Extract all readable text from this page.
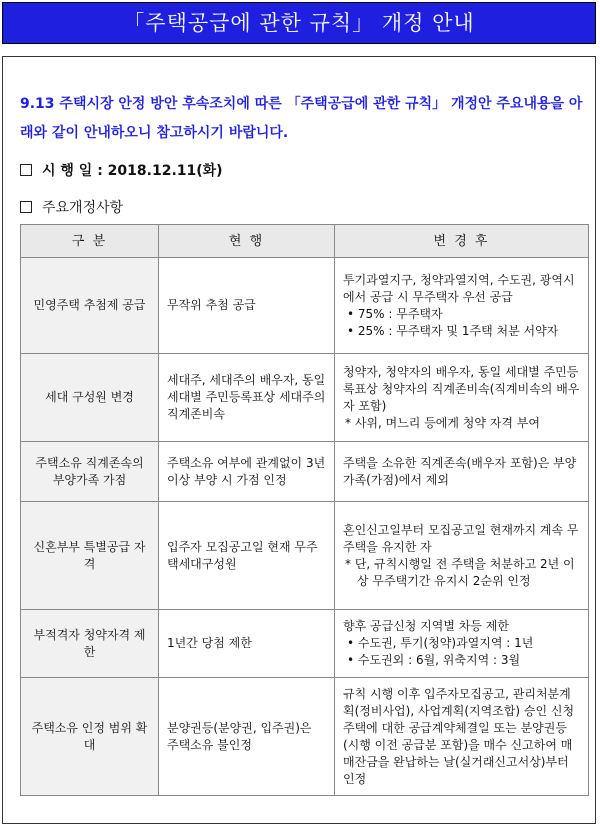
「주택공급에 관한 규칙」 개정 안내
9.13 주택시장 안정 방안 후속조치에 따른 「주택공급에 관한 규칙」 개정안 주요내용을 아래와 같이 안내하오니 참고하시기 바랍니다.
시 행 일 : 2018.12.11(화)
주요개정사항
구 분	현 행	변 경 후
민영주택 추첨제 공급	무작위 추첨 공급	투기과열지구, 청약과열지역, 수도권, 광역시에서 공급 시 무주택자 우선 공급
• 75% : 무주택자
• 25% : 무주택자 및 1주택 처분 서약자

세대 구성원 변경	세대주, 세대주의 배우자, 동일 세대별 주민등록표상 세대주의 직계존비속	청약자, 청약자의 배우자, 동일 세대별 주민등록표상 청약자의 직계존비속(직계비속의 배우자 포함)
* 사위, 며느리 등에게 청약 자격 부여

주택소유 직계존속의 부양가족 가점	주택소유 여부에 관계없이 3년 이상 부양 시 가점 인정	주택을 소유한 직계존속(배우자 포함)은 부양가족(가점)에서 제외
신혼부부 특별공급 자격	입주자 모집공고일 현재 무주택세대구성원	혼인신고일부터 모집공고일 현재까지 계속 무주택을 유지한 자
* 단, 규칙시행일 전 주택을 처분하고 2년 이상 무주택기간 유지시 2순위 인정

부적격자 청약자격 제한	1년간 당첨 제한	향후 공급신청 지역별 차등 제한
• 수도권, 투기(청약)과열지역 : 1년
• 수도권외 : 6월, 위축지역 : 3월

주택소유 인정 범위 확대	분양권등(분양권, 입주권)은 주택소유 불인정	규칙 시행 이후 입주자모집공고, 관리처분계획(정비사업), 사업계획(지역조합) 승인 신청주택에 대한 공급계약체결일 또는 분양권등(시행 이전 공급분 포함)을 매수 신고하여 매매잔금을 완납하는 날(실거래신고서상)부터 인정
